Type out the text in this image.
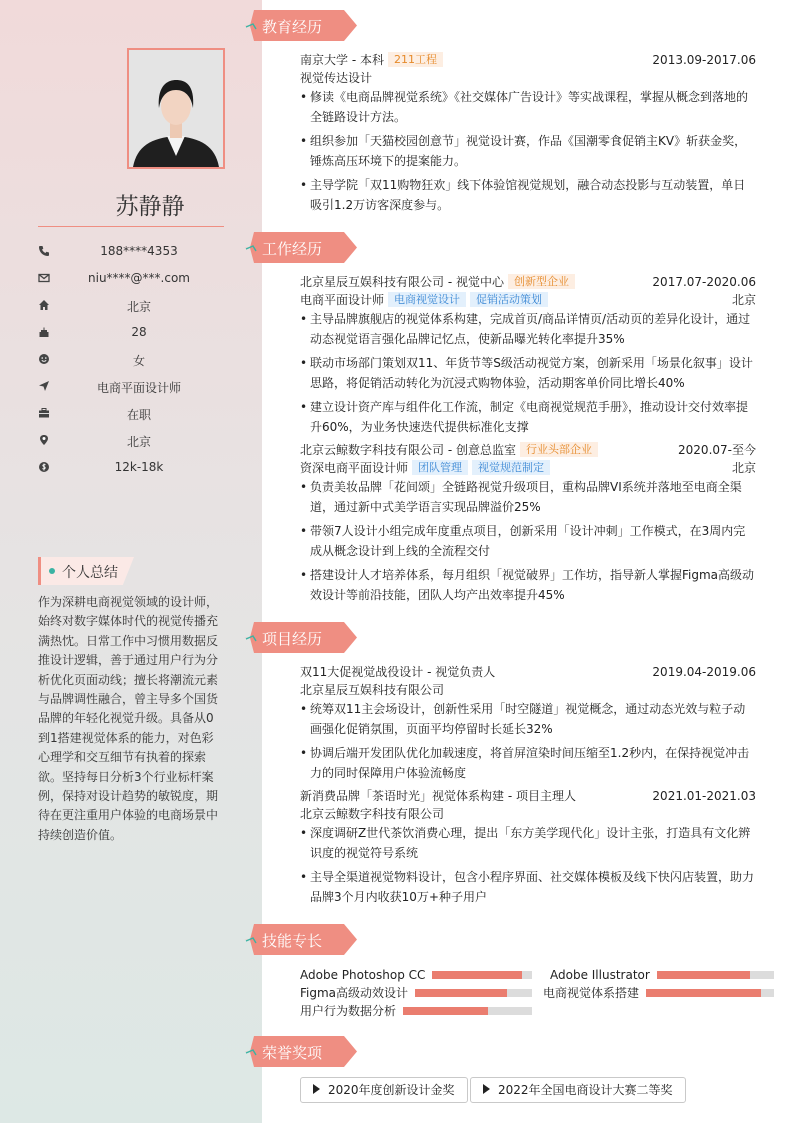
苏静静
188****4353
niu****@***.com
北京
28
女
电商平面设计师
在职
北京
12k-18k
个人总结
作为深耕电商视觉领域的设计师，始终对数字媒体时代的视觉传播充满热忱。日常工作中习惯用数据反推设计逻辑，善于通过用户行为分析优化页面动线；擅长将潮流元素与品牌调性融合，曾主导多个国货品牌的年轻化视觉升级。具备从0到1搭建视觉体系的能力，对色彩心理学和交互细节有执着的探索欲。坚持每日分析3个行业标杆案例，保持对设计趋势的敏锐度，期待在更注重用户体验的电商场景中持续创造价值。
教育经历
南京大学 - 本科 211工程	2013.09-2017.06
视觉传达设计
• 修读《电商品牌视觉系统》《社交媒体广告设计》等实战课程，掌握从概念到落地的
全链路设计方法。
• 组织参加「天猫校园创意节」视觉设计赛，作品《国潮零食促销主KV》斩获金奖，
锤炼高压环境下的提案能力。
• 主导学院「双11购物狂欢」线下体验馆视觉规划，融合动态投影与互动装置，单日
吸引1.2万访客深度参与。
工作经历
北京星辰互娱科技有限公司 - 视觉中心 创新型企业	2017.07-2020.06
电商平面设计师 电商视觉设计 促销活动策划	北京
• 主导品牌旗舰店的视觉体系构建，完成首页/商品详情页/活动页的差异化设计，通过
动态视觉语言强化品牌记忆点，使新品曝光转化率提升35%
• 联动市场部门策划双11、年货节等S级活动视觉方案，创新采用「场景化叙事」设计
思路，将促销活动转化为沉浸式购物体验，活动期客单价同比增长40%
• 建立设计资产库与组件化工作流，制定《电商视觉规范手册》，推动设计交付效率提
升60%，为业务快速迭代提供标准化支撑
北京云鲸数字科技有限公司 - 创意总监室 行业头部企业	2020.07-至今
资深电商平面设计师 团队管理 视觉规范制定	北京
• 负责美妆品牌「花间颂」全链路视觉升级项目，重构品牌VI系统并落地至电商全渠
道，通过新中式美学语言实现品牌溢价25%
• 带领7人设计小组完成年度重点项目，创新采用「设计冲刺」工作模式，在3周内完
成从概念设计到上线的全流程交付
• 搭建设计人才培养体系，每月组织「视觉破界」工作坊，指导新人掌握Figma高级动
效设计等前沿技能，团队人均产出效率提升45%
项目经历
双11大促视觉战役设计 - 视觉负责人	2019.04-2019.06
北京星辰互娱科技有限公司
• 统筹双11主会场设计，创新性采用「时空隧道」视觉概念，通过动态光效与粒子动
画强化促销氛围，页面平均停留时长延长32%
• 协调后端开发团队优化加载速度，将首屏渲染时间压缩至1.2秒内，在保持视觉冲击
力的同时保障用户体验流畅度
新消费品牌「茶语时光」视觉体系构建 - 项目主理人	2021.01-2021.03
北京云鲸数字科技有限公司
• 深度调研Z世代茶饮消费心理，提出「东方美学现代化」设计主张，打造具有文化辨
识度的视觉符号系统
• 主导全渠道视觉物料设计，包含小程序界面、社交媒体模板及线下快闪店装置，助力
品牌3个月内收获10万+种子用户
技能专长
Adobe Photoshop CC	Adobe Illustrator
Figma高级动效设计	电商视觉体系搭建
用户行为数据分析
荣誉奖项
2020年度创新设计金奖	2022年全国电商设计大赛二等奖
